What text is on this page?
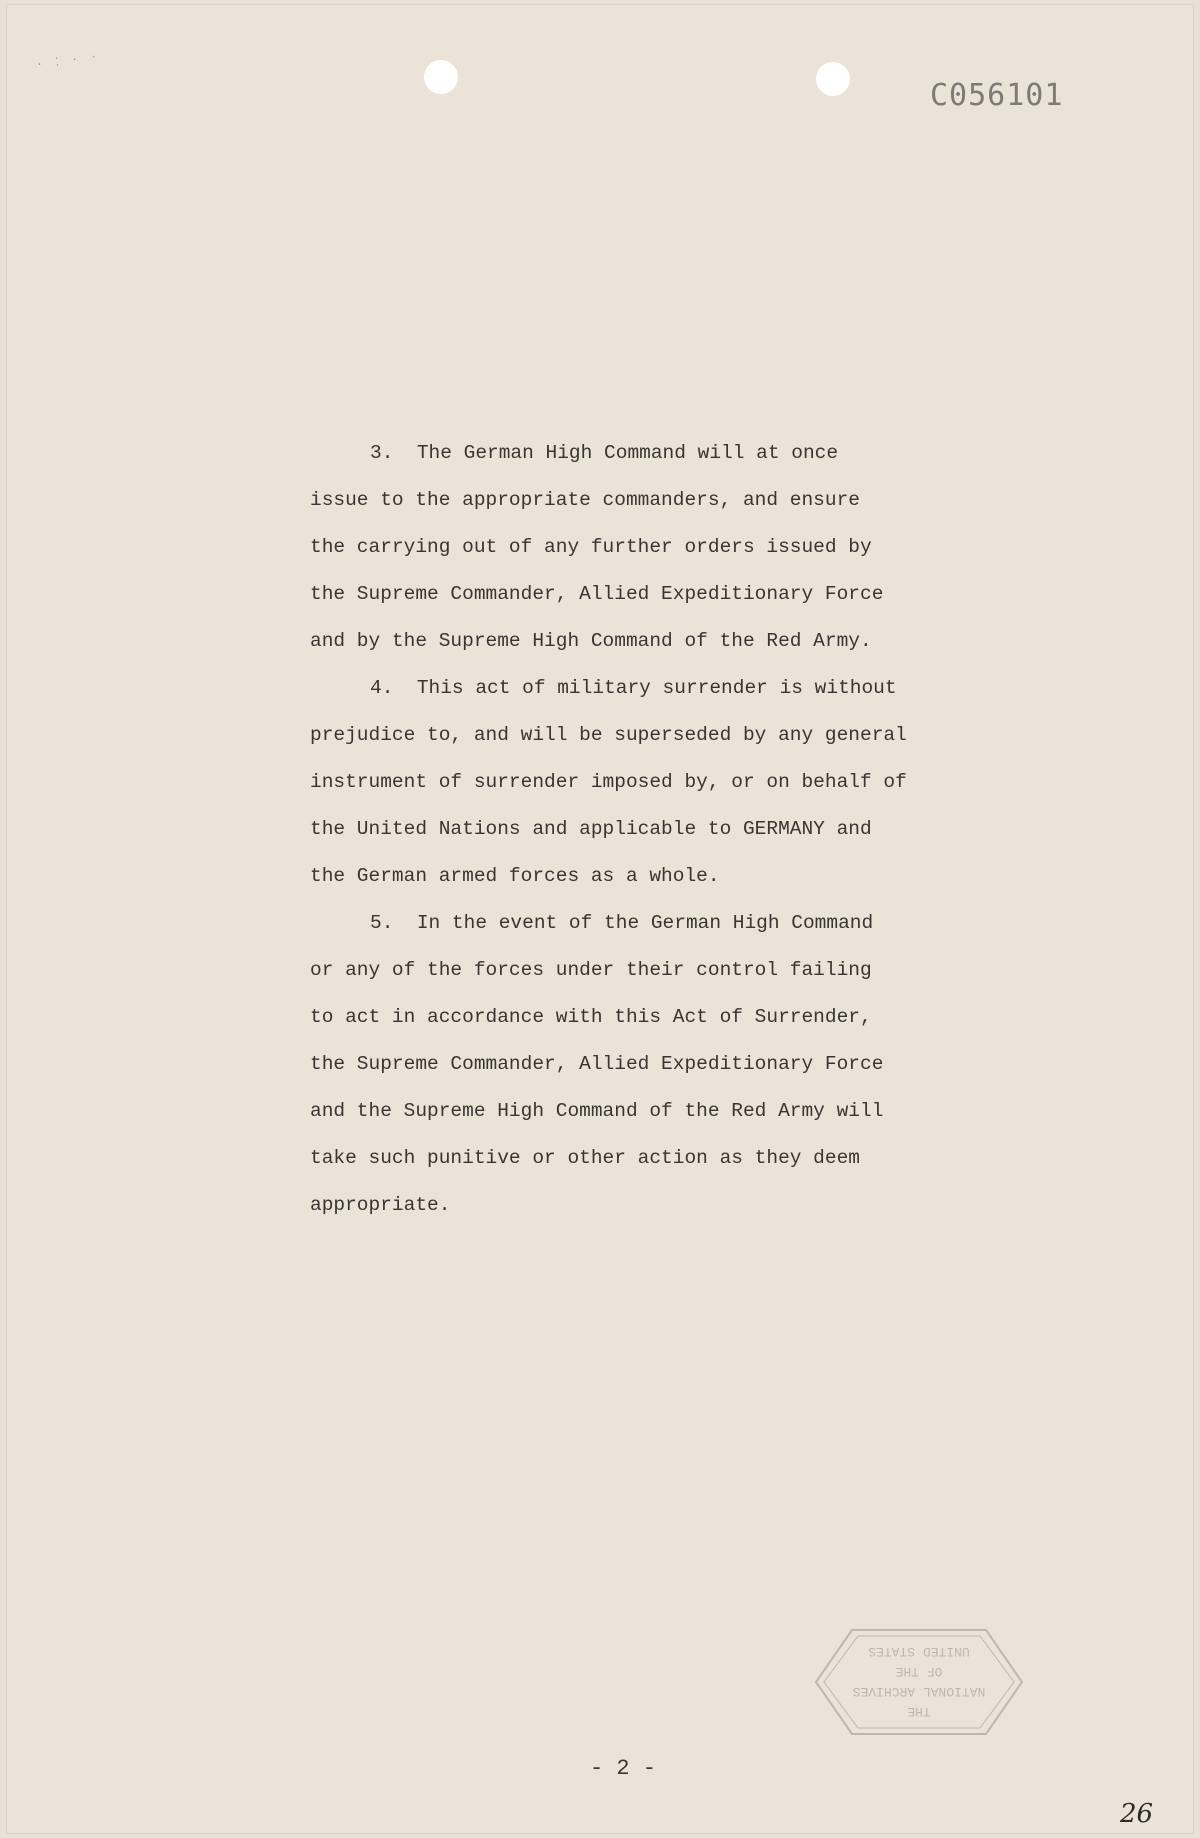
· ⁚ · ·
C056101
3. The German High Command will at once
issue to the appropriate commanders, and ensure
the carrying out of any further orders issued by
the Supreme Commander, Allied Expeditionary Force
and by the Supreme High Command of the Red Army.
4. This act of military surrender is without
prejudice to, and will be superseded by any general
instrument of surrender imposed by, or on behalf of
the United Nations and applicable to GERMANY and
the German armed forces as a whole.
5. In the event of the German High Command
or any of the forces under their control failing
to act in accordance with this Act of Surrender,
the Supreme Commander, Allied Expeditionary Force
and the Supreme High Command of the Red Army will
take such punitive or other action as they deem
appropriate.
THE
NATIONAL ARCHIVES
OF THE
UNITED STATES
- 2 -
26
